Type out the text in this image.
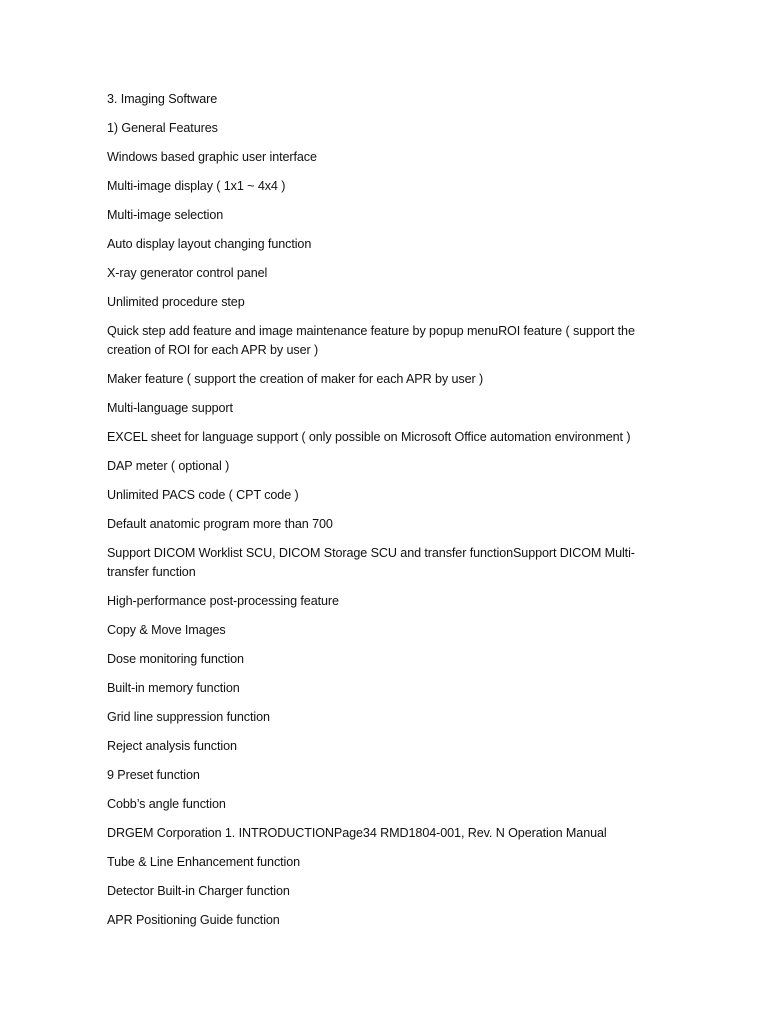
3. Imaging Software

1) General Features

Windows based graphic user interface

Multi-image display ( 1x1 ~ 4x4 )

Multi-image selection

Auto display layout changing function

X-ray generator control panel

Unlimited procedure step

Quick step add feature and image maintenance feature by popup menuROI feature ( support the creation of ROI for each APR by user )

Maker feature ( support the creation of maker for each APR by user )

Multi-language support

EXCEL sheet for language support ( only possible on Microsoft Office automation environment )

DAP meter ( optional )

Unlimited PACS code ( CPT code )

Default anatomic program more than 700

Support DICOM Worklist SCU, DICOM Storage SCU and transfer functionSupport DICOM Multi-transfer function

High-performance post-processing feature

Copy & Move Images

Dose monitoring function

Built-in memory function

Grid line suppression function

Reject analysis function

9 Preset function

Cobb’s angle function

DRGEM Corporation 1. INTRODUCTIONPage34 RMD1804-001, Rev. N Operation Manual

Tube & Line Enhancement function

Detector Built-in Charger function

APR Positioning Guide function
